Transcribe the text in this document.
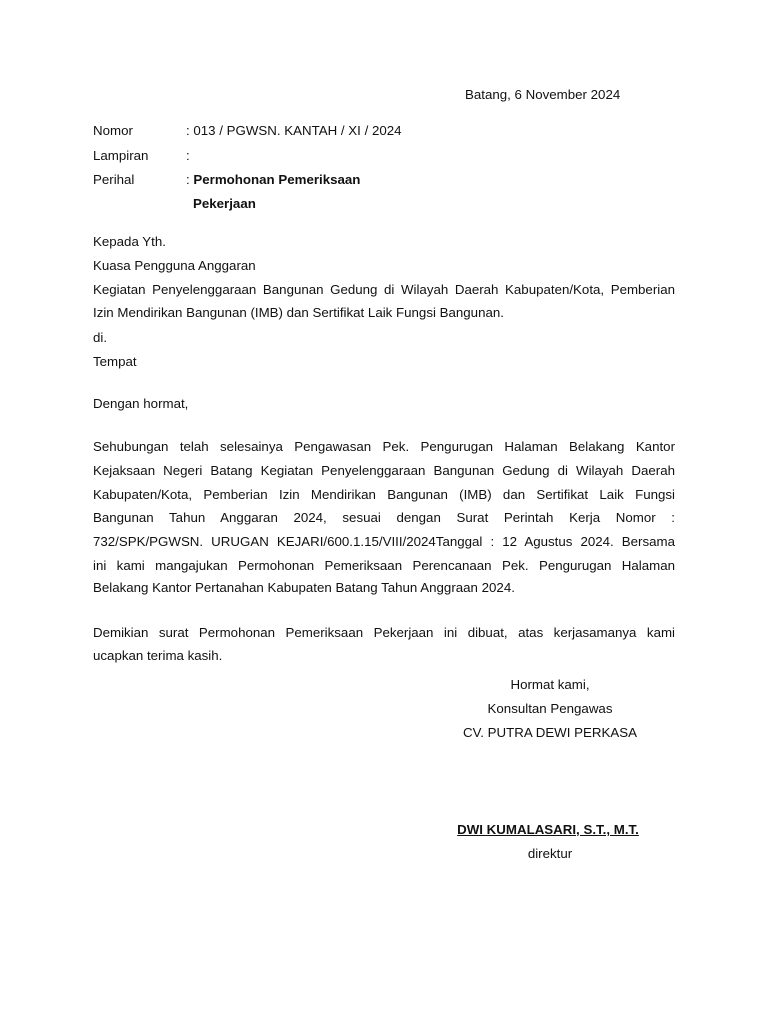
Batang, 6 November 2024
Nomor	: 013 / PGWSN. KANTAH / XI / 2024
Lampiran	:
Perihal	: Permohonan Pemeriksaan
Pekerjaan
Kepada Yth.
Kuasa Pengguna Anggaran
Kegiatan Penyelenggaraan Bangunan Gedung di Wilayah Daerah Kabupaten/Kota, Pemberian
Izin Mendirikan Bangunan (IMB) dan Sertifikat Laik Fungsi Bangunan.
di.
Tempat
Dengan hormat,
Sehubungan telah selesainya Pengawasan Pek. Pengurugan Halaman Belakang Kantor
Kejaksaan Negeri Batang Kegiatan Penyelenggaraan Bangunan Gedung di Wilayah Daerah
Kabupaten/Kota, Pemberian Izin Mendirikan Bangunan (IMB) dan Sertifikat Laik Fungsi
Bangunan Tahun Anggaran 2024, sesuai dengan Surat Perintah Kerja Nomor :
732/SPK/PGWSN. URUGAN KEJARI/600.1.15/VIII/2024Tanggal : 12 Agustus 2024. Bersama
ini kami mangajukan Permohonan Pemeriksaan Perencanaan Pek. Pengurugan Halaman
Belakang Kantor Pertanahan Kabupaten Batang Tahun Anggraan 2024.
Demikian surat Permohonan Pemeriksaan Pekerjaan ini dibuat, atas kerjasamanya kami
ucapkan terima kasih.
Hormat kami,
Konsultan Pengawas
CV. PUTRA DEWI PERKASA
DWI KUMALASARI, S.T., M.T.
direktur
